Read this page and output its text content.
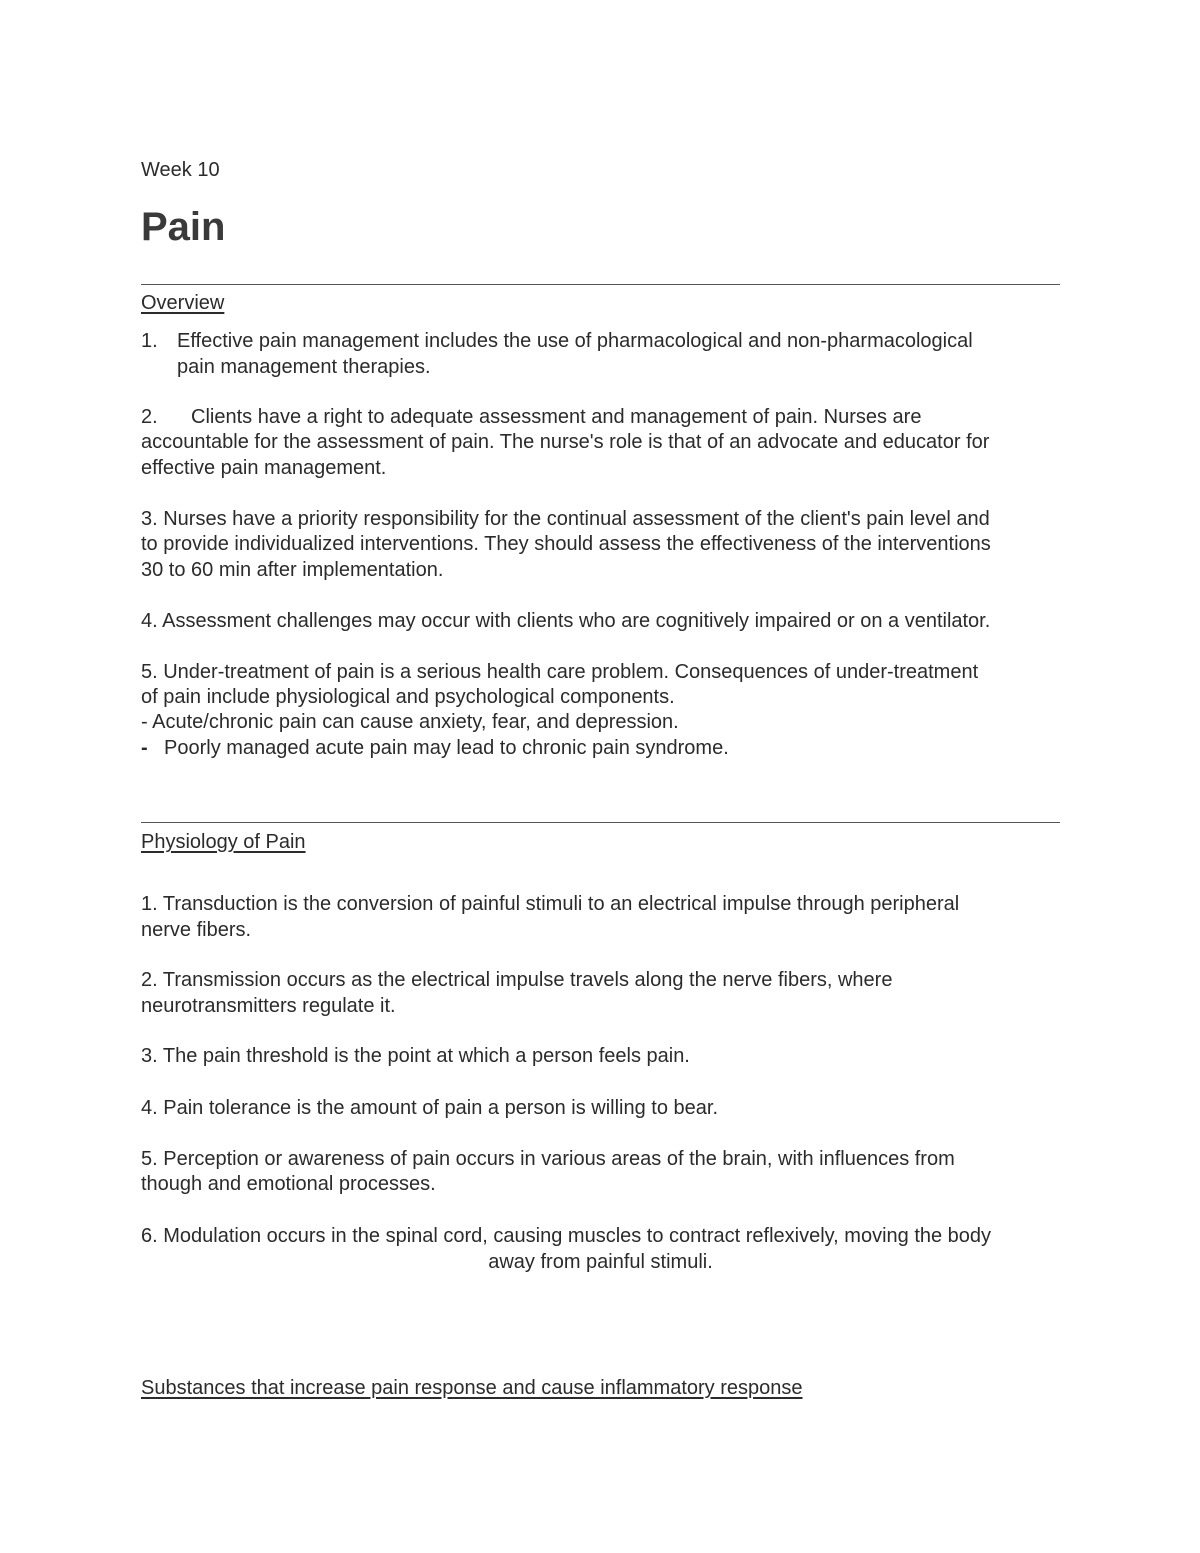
Week 10
Pain
Overview
1. Effective pain management includes the use of pharmacological and non-pharmacological
pain management therapies.
2.      Clients have a right to adequate assessment and management of pain. Nurses are
accountable for the assessment of pain. The nurse's role is that of an advocate and educator for
effective pain management.
3. Nurses have a priority responsibility for the continual assessment of the client's pain level and
to provide individualized interventions. They should assess the effectiveness of the interventions
30 to 60 min after implementation.
4. Assessment challenges may occur with clients who are cognitively impaired or on a ventilator.
5. Under-treatment of pain is a serious health care problem. Consequences of under-treatment
of pain include physiological and psychological components.
- Acute/chronic pain can cause anxiety, fear, and depression.
- Poorly managed acute pain may lead to chronic pain syndrome.
Physiology of Pain
1. Transduction is the conversion of painful stimuli to an electrical impulse through peripheral
nerve fibers.
2. Transmission occurs as the electrical impulse travels along the nerve fibers, where
neurotransmitters regulate it.
3. The pain threshold is the point at which a person feels pain.
4. Pain tolerance is the amount of pain a person is willing to bear.
5. Perception or awareness of pain occurs in various areas of the brain, with influences from
though and emotional processes.
6. Modulation occurs in the spinal cord, causing muscles to contract reflexively, moving the body
away from painful stimuli.
Substances that increase pain response and cause inflammatory response
